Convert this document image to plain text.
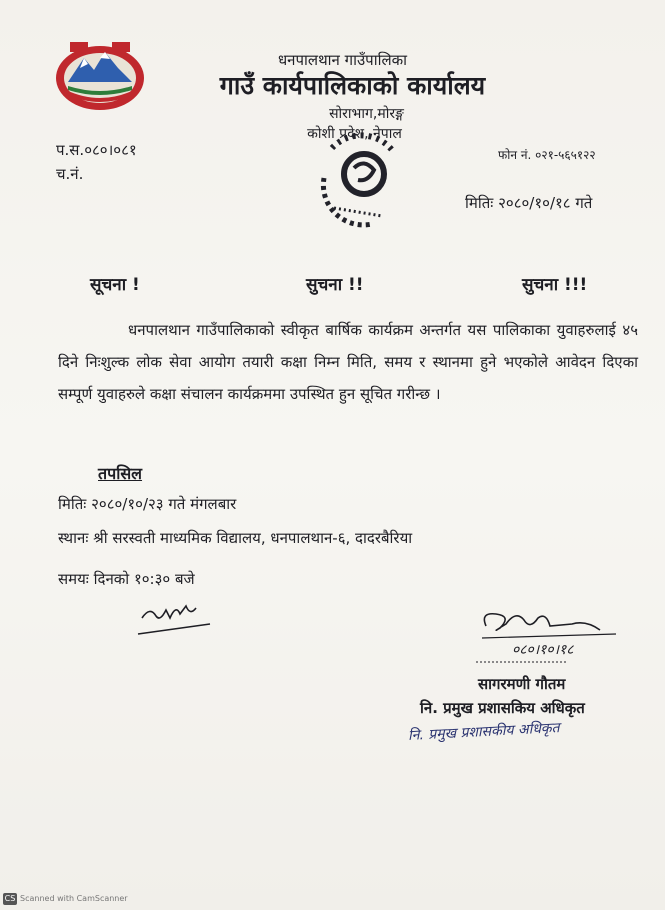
धनपालथान गाउँपालिका
गाउँ कार्यपालिकाको कार्यालय
सोराभाग,मोरङ्ग
कोशी प्रदेश, नेपाल
प.स.०८०।०८१
च.नं.
फोन नं. ०२१-५६५१२२
मितिः २०८०/१०/१८ गते
सूचना !	सुचना !!	सुचना !!!
धनपालथान गाउँपालिकाको स्वीकृत बार्षिक कार्यक्रम अन्तर्गत यस पालिकाका युवाहरुलाई ४५ दिने निःशुल्क लोक सेवा आयोग तयारी कक्षा निम्न मिति, समय र स्थानमा हुने भएकोले आवेदन दिएका सम्पूर्ण युवाहरुले कक्षा संचालन कार्यक्रममा उपस्थित हुन सूचित गरीन्छ ।
तपसिल
मितिः २०८०/१०/२३ गते मंगलबार
स्थानः श्री सरस्वती माध्यमिक विद्यालय, धनपालथान-६, दादरबैरिया
समयः दिनको १०:३० बजे
०८०।१०।१८
सागरमणी गौतम
नि. प्रमुख प्रशासकिय अधिकृत
नि. प्रमुख प्रशासकीय अधिकृत
CS Scanned with CamScanner
